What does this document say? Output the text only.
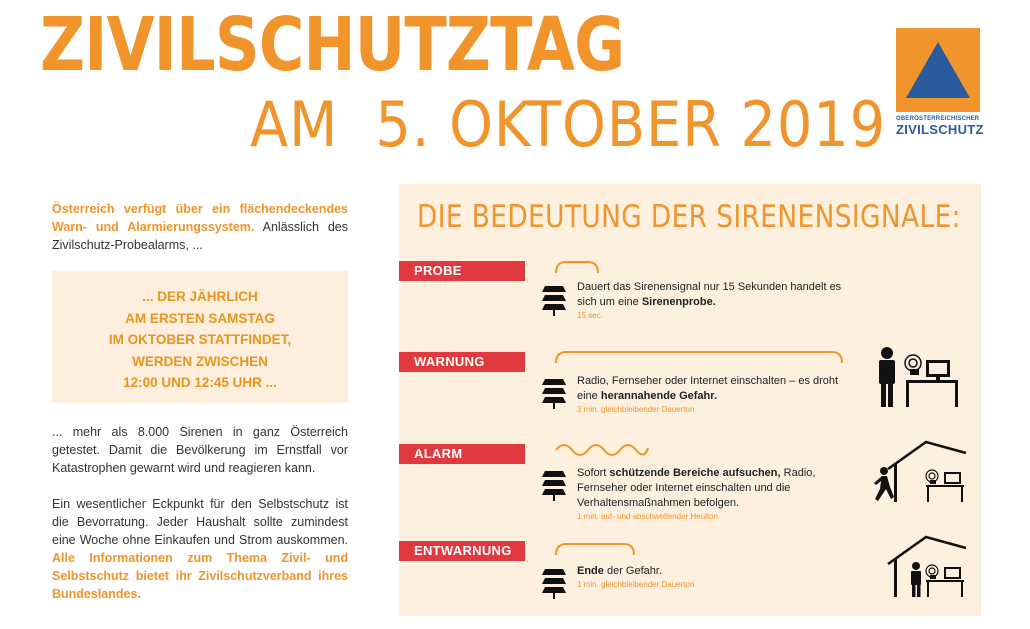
ZIVILSCHUTZTAG
AM  5. OKTOBER 2019 OBERÖSTERREICHISCHER
ZIVILSCHUTZ
Österreich verfügt über ein flächendeckendes Warn- und Alarmierungssystem. Anlässlich des Zivilschutz-Probealarms, ...
... DER JÄHRLICH
AM ERSTEN SAMSTAG
IM OKTOBER STATTFINDET,
WERDEN ZWISCHEN
12:00 UND 12:45 UHR ...
... mehr als 8.000 Sirenen in ganz Österreich getestet. Damit die Bevölkerung im Ernstfall vor Katastrophen gewarnt wird und reagieren kann.
Ein wesentlicher Eckpunkt für den Selbstschutz ist die Bevorratung. Jeder Haushalt sollte zumindest eine Woche ohne Einkaufen und Strom auskommen. Alle Informationen zum Thema Zivil- und Selbstschutz bietet ihr Zivilschutzverband ihres Bundeslandes.
DIE BEDEUTUNG DER SIRENENSIGNALE:
PROBE
Dauert das Sirenensignal nur 15 Sekunden handelt es sich um eine Sirenenprobe.
15 sec.
WARNUNG
Radio, Fernseher oder Internet einschalten – es droht eine herannahende Gefahr.
3 min. gleichbleibender Dauerton
ALARM
Sofort schützende Bereiche aufsuchen, Radio, Fernseher oder Internet einschalten und die Verhaltensmaßnahmen befolgen.
1 min. auf- und abschwellender Heulton
ENTWARNUNG
Ende der Gefahr.
1 min. gleichbleibender Dauerton
